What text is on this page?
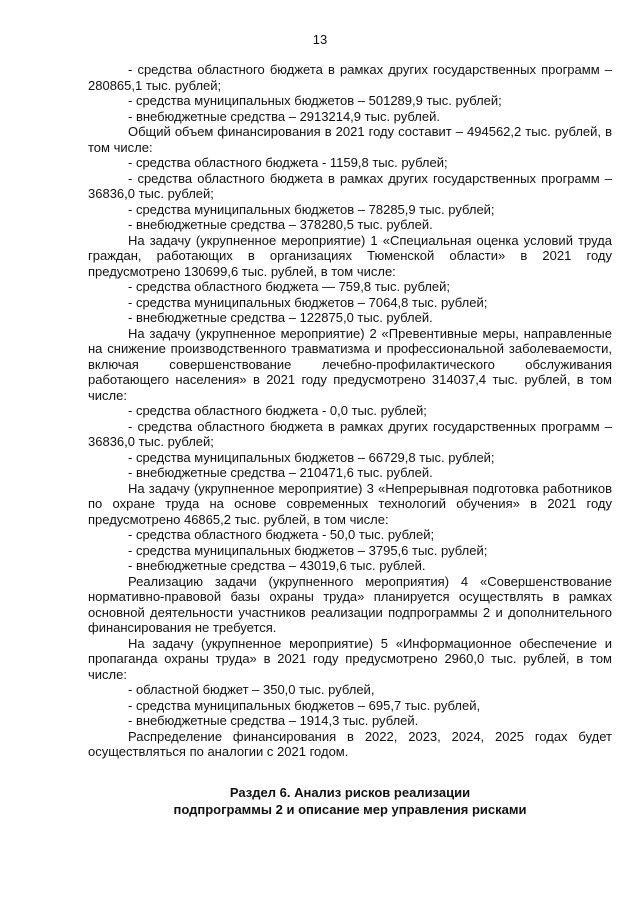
13

- средства областного бюджета в рамках других государственных программ – 280865,1 тыс. рублей;

- средства муниципальных бюджетов – 501289,9 тыс. рублей;

- внебюджетные средства – 2913214,9 тыс. рублей.

Общий объем финансирования в 2021 году составит – 494562,2 тыс. рублей, в том числе:

- средства областного бюджета - 1159,8 тыс. рублей;

- средства областного бюджета в рамках других государственных программ – 36836,0 тыс. рублей;

- средства муниципальных бюджетов – 78285,9 тыс. рублей;

- внебюджетные средства – 378280,5 тыс. рублей.

На задачу (укрупненное мероприятие) 1 «Специальная оценка условий труда граждан, работающих в организациях Тюменской области» в 2021 году предусмотрено 130699,6 тыс. рублей, в том числе:

- средства областного бюджета — 759,8 тыс. рублей;

- средства муниципальных бюджетов – 7064,8 тыс. рублей;

- внебюджетные средства – 122875,0 тыс. рублей.

На задачу (укрупненное мероприятие) 2 «Превентивные меры, направленные на снижение производственного травматизма и профессиональной заболеваемости, включая совершенствование лечебно-профилактического обслуживания работающего населения» в 2021 году предусмотрено 314037,4 тыс. рублей, в том числе:

- средства областного бюджета - 0,0 тыс. рублей;

- средства областного бюджета в рамках других государственных программ – 36836,0 тыс. рублей;

- средства муниципальных бюджетов – 66729,8 тыс. рублей;

- внебюджетные средства – 210471,6 тыс. рублей.

На задачу (укрупненное мероприятие) 3 «Непрерывная подготовка работников по охране труда на основе современных технологий обучения» в 2021 году предусмотрено 46865,2 тыс. рублей, в том числе:

- средства областного бюджета - 50,0 тыс. рублей;

- средства муниципальных бюджетов – 3795,6 тыс. рублей;

- внебюджетные средства – 43019,6 тыс. рублей.

Реализацию задачи (укрупненного мероприятия) 4 «Совершенствование нормативно-правовой базы охраны труда» планируется осуществлять в рамках основной деятельности участников реализации подпрограммы 2 и дополнительного финансирования не требуется.

На задачу (укрупненное мероприятие) 5 «Информационное обеспечение и пропаганда охраны труда» в 2021 году предусмотрено 2960,0 тыс. рублей, в том числе:

- областной бюджет – 350,0 тыс. рублей,

- средства муниципальных бюджетов – 695,7 тыс. рублей,

- внебюджетные средства – 1914,3 тыс. рублей.

Распределение финансирования в 2022, 2023, 2024, 2025 годах будет осуществляться по аналогии с 2021 годом.

Раздел 6. Анализ рисков реализации

подпрограммы 2 и описание мер управления рисками
